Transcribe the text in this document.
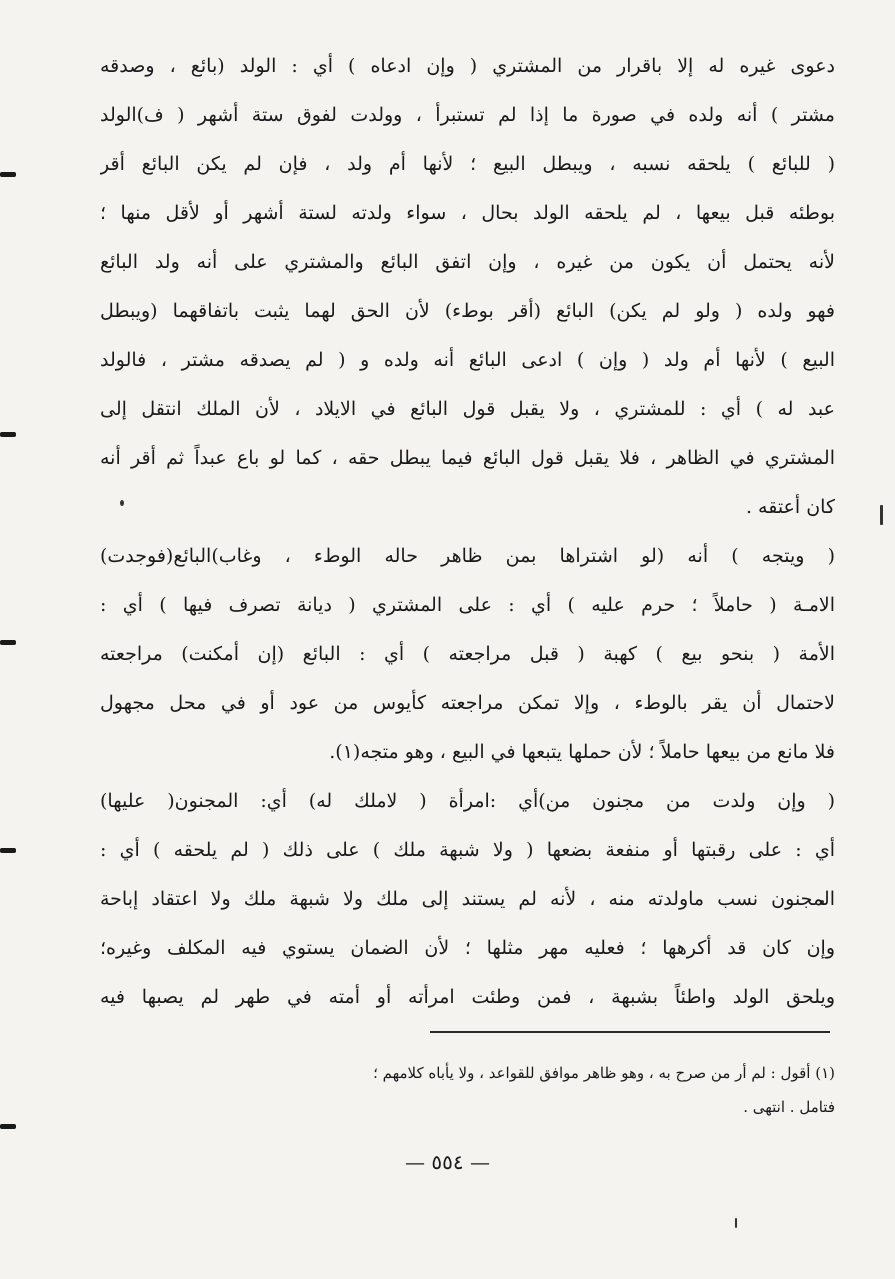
دعوى غيره له إلا باقرار من المشتري ( وإن ادعاه ) أي : الولد (بائع ، وصدقه
مشتر ) أنه ولده في صورة ما إذا لم تستبرأ ، وولدت لفوق ستة أشهر ( ف)الولد
( للبائع ) يلحقه نسبه ، ويبطل البيع ؛ لأنها أم ولد ، فإن لم يكن البائع أقر
بوطئه قبل بيعها ، لم يلحقه الولد بحال ، سواء ولدته لستة أشهر أو لأقل منها ؛
لأنه يحتمل أن يكون من غيره ، وإن اتفق البائع والمشتري على أنه ولد البائع
فهو ولده ( ولو لم يكن) البائع (أقر بوطء) لأن الحق لهما يثبت باتفاقهما (ويبطل
البيع ) لأنها أم ولد ( وإن ) ادعى البائع أنه ولده و ( لم يصدقه مشتر ، فالولد
عبد له ) أي : للمشتري ، ولا يقبل قول البائع في الايلاد ، لأن الملك انتقل إلى
المشتري في الظاهر ، فلا يقبل قول البائع فيما يبطل حقه ، كما لو باع عبداً ثم أقر أنه
كان أعتقه .
( ويتجه ) أنه (لو اشتراها بمن ظاهر حاله الوطء ، وغاب)البائع(فوجدت)
الامـة ( حاملاً ؛ حرم عليه ) أي : على المشتري ( ديانة تصرف فيها ) أي :
الأمة ( بنحو بيع ) كهبة ( قبل مراجعته ) أي : البائع (إن أمكنت) مراجعته
لاحتمال أن يقر بالوطء ، وإلا تمكن مراجعته كأيوس من عود أو في محل مجهول
فلا مانع من بيعها حاملاً ؛ لأن حملها يتبعها في البيع ، وهو متجه(١).
( وإن ولدت من مجنون من)أي :امرأة ( لاملك له) أي: المجنون( عليها)
أي : على رقبتها أو منفعة بضعها ( ولا شبهة ملك ) على ذلك ( لم يلحقه ) أي :
المجنون نسب ماولدته منه ، لأنه لم يستند إلى ملك ولا شبهة ملك ولا اعتقاد إباحة
وإن كان قد أكرهها ؛ فعليه مهر مثلها ؛ لأن الضمان يستوي فيه المكلف وغيره؛
ويلحق الولد واطئاً بشبهة ، فمن وطئت امرأته أو أمته في طهر لم يصبها فيه
(١) أقول : لم أر من صرح به ، وهو ظاهر موافق للقواعد ، ولا يأباه كلامهم ؛
فتامل . انتهى .
— ٥٥٤ —
